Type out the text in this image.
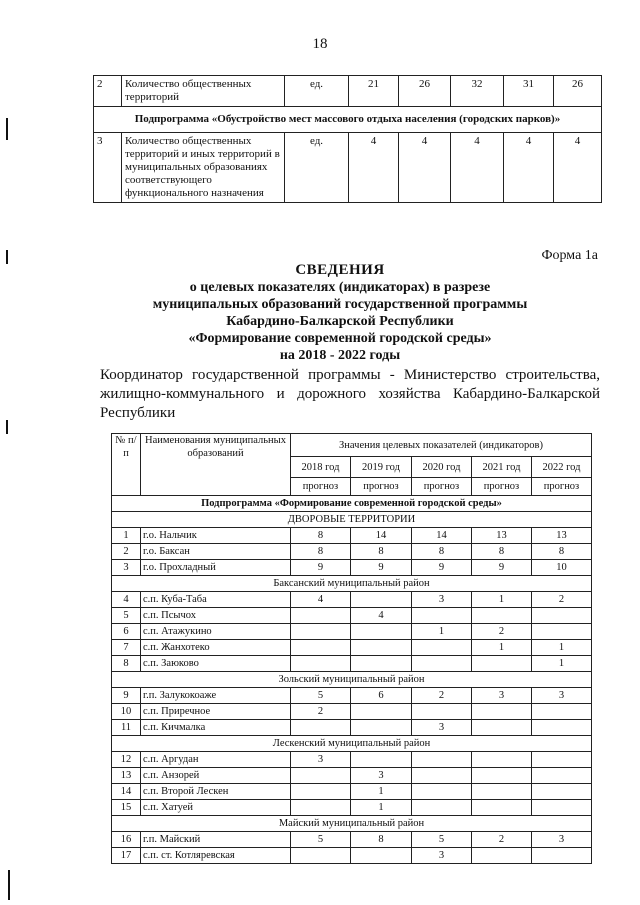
18
2	Количество общественных территорий	ед.	21	26	32	31	26
Подпрограмма «Обустройство мест массового отдыха населения (городских парков)»							
3	Количество общественных территорий и иных территорий в муниципальных образованиях соответствующего функционального назначения	ед.	4	4	4	4	4
Форма 1а
СВЕДЕНИЯ
о целевых показателях (индикаторах) в разрезе
муниципальных образований государственной программы
Кабардино-Балкарской Республики
«Формирование современной городской среды»
на 2018 - 2022 годы
Координатор государственной программы - Министерство строительства, жилищно-коммунального и дорожного хозяйства Кабардино-Балкарской Республики
№ п/п	Наименования муниципальных образований	Значения целевых показателей (индикаторов)				
		2018 год	2019 год	2020 год	2021 год	2022 год
		прогноз	прогноз	прогноз	прогноз	прогноз
Подпрограмма «Формирование современной городской среды»						
ДВОРОВЫЕ ТЕРРИТОРИИ						
1	г.о. Нальчик	8	14	14	13	13
2	г.о. Баксан	8	8	8	8	8
3	г.о. Прохладный	9	9	9	9	10
Баксанский муниципальный район						
4	с.п. Куба-Таба	4		3	1	2
5	с.п. Псычох		4			
6	с.п. Атажукино			1	2	
7	с.п. Жанхотеко				1	1
8	с.п. Заюково					1
Зольский муниципальный район						
9	г.п. Залукокоаже	5	6	2	3	3
10	с.п. Приречное	2				
11	с.п. Кичмалка			3		
Лескенский муниципальный район						
12	с.п. Аргудан	3				
13	с.п. Анзорей		3			
14	с.п. Второй Лескен		1			
15	с.п. Хатуей		1			
Майский муниципальный район						
16	г.п. Майский	5	8	5	2	3
17	с.п. ст. Котляревская			3		
